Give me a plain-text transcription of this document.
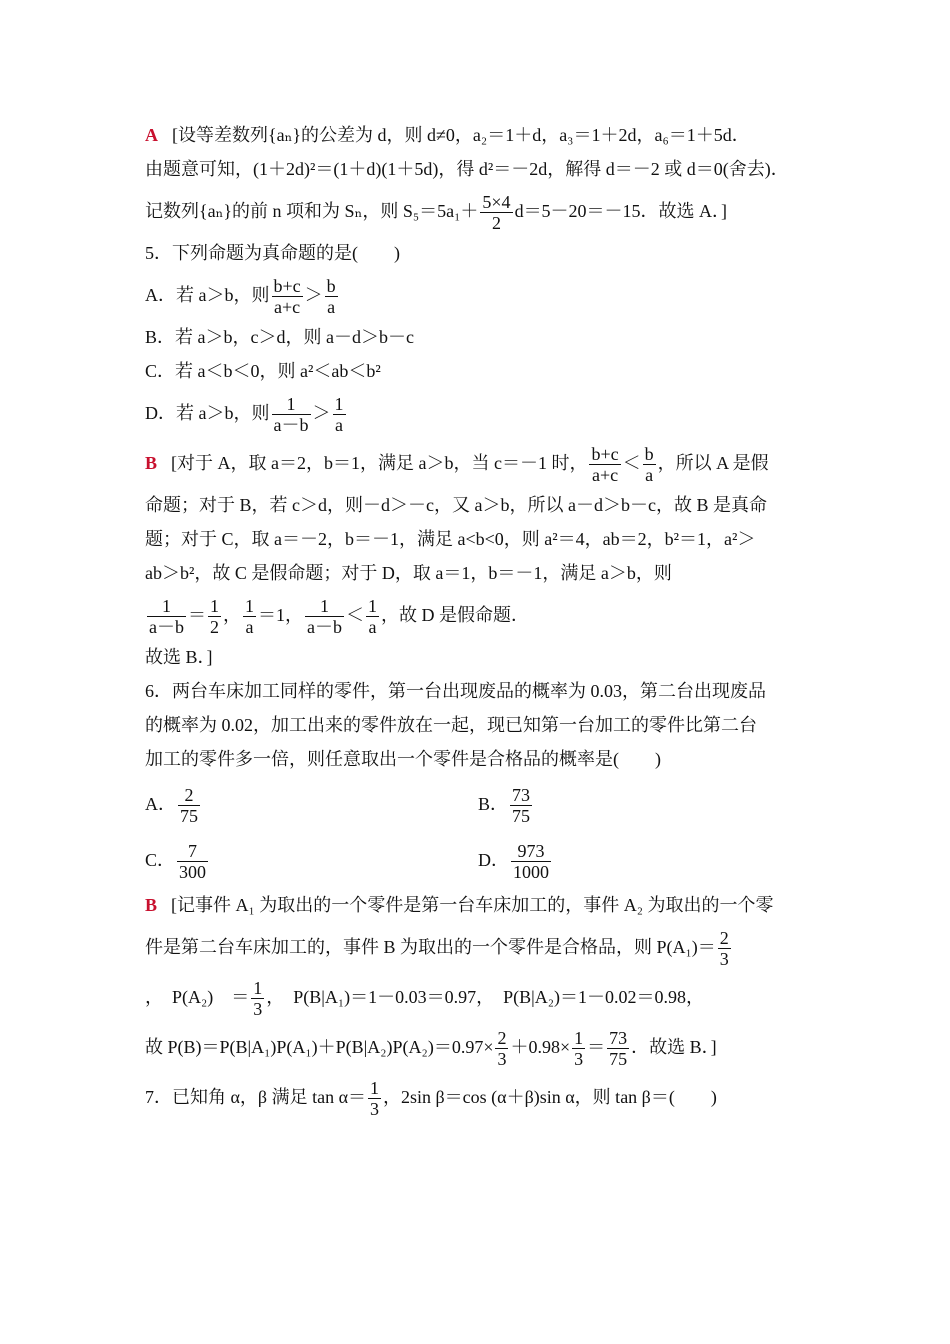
A [设等差数列{aₙ}的公差为 d，则 d≠0，a₂＝1＋d，a₃＝1＋2d，a₆＝1＋5d．
由题意可知，(1＋2d)²＝(1＋d)(1＋5d)，得 d²＝－2d，解得 d＝－2 或 d＝0(舍去)．
记数列{aₙ}的前 n 项和为 Sₙ，则 $S_5=5a_1+ \frac{5\times 4}{2} d=5-20=-15$．故选 A．]
5．下列命题为真命题的是(　　)
A．若 a＞b，则 $\frac{b+c}{a+c} > \frac{b}{a}$
B．若 a＞b，c＞d，则 a－d＞b－c
C．若 a＜b＜0，则 a²＜ab＜b²
D．若 a＞b，则 $\frac{1}{a-b} > \frac{1}{a}$
B [对于 A，取 a＝2，b＝1，满足 a＞b，当 c＝－1 时， $\frac{b+c}{a+c} < \frac{b}{a}$ ，所以 A 是假
命题；对于 B，若 c＞d，则－d＞－c，又 a＞b，所以 a－d＞b－c，故 B 是真命
题；对于 C，取 a＝－2，b＝－1，满足 a<b<0，则 a²＝4，ab＝2，b²＝1，a²＞
ab＞b²，故 C 是假命题；对于 D，取 a＝1，b＝－1，满足 a＞b，则
$\frac{1}{a-b} = \frac{1}{2}$ ， $\frac{1}{a} =1$， $\frac{1}{a-b} < \frac{1}{a}$ ，故 D 是假命题．
故选 B．]
6．两台车床加工同样的零件，第一台出现废品的概率为 0.03，第二台出现废品
的概率为 0.02，加工出来的零件放在一起，现已知第一台加工的零件比第二台
加工的零件多一倍，则任意取出一个零件是合格品的概率是(　　)
A． $\frac{2}{75}$	B． $\frac{73}{75}$
C． $\frac{7}{300}$	D． $\frac{973}{1000}$
B [记事件 A₁ 为取出的一个零件是第一台车床加工的，事件 A₂ 为取出的一个零
件是第二台车床加工的，事件 B 为取出的一个零件是合格品，则 $P(A_1)= \frac{2}{3}$
，　P(A₂)　＝ $\frac{1}{3}$ ，　P(B|A₁)＝1－0.03＝0.97，　P(B|A₂)＝1－0.02＝0.98，
故 $P(B)=P(B|A_1)P(A_1)+P(B|A_2)P(A_2)=0.97\times \frac{2}{3} +0.98\times \frac{1}{3} = \frac{73}{75}$ ．故选 B．]
7．已知角 α，β 满足 $\tan \alpha= \frac{1}{3}$ ，2sin β＝cos (α＋β)sin α，则 tan β＝(　　)
